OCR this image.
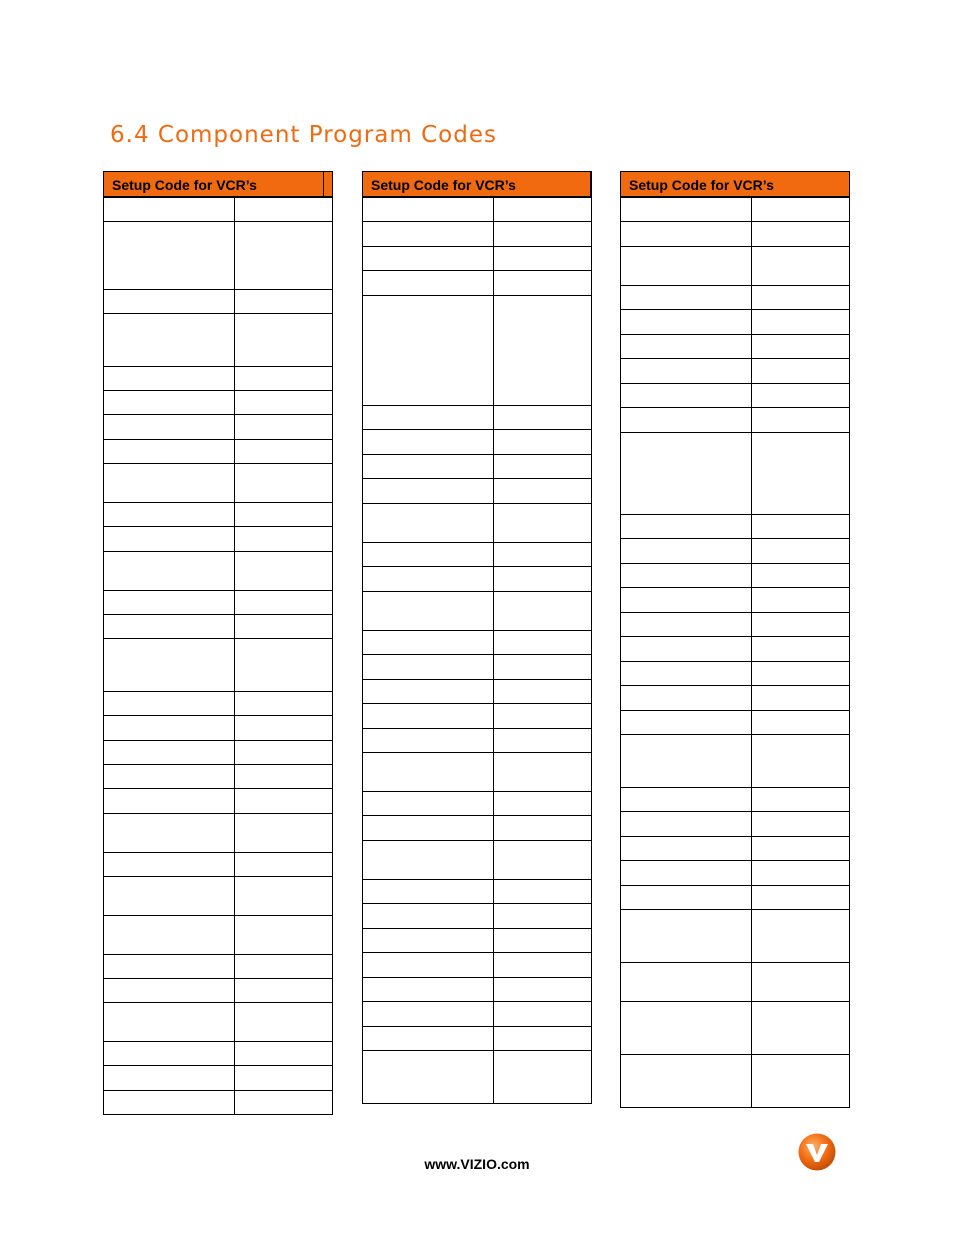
6.4 Component Program Codes
Setup Code for VCR’s

		Setup Code for VCR’s

		Setup Code for VCR’s

www.VIZIO.com
